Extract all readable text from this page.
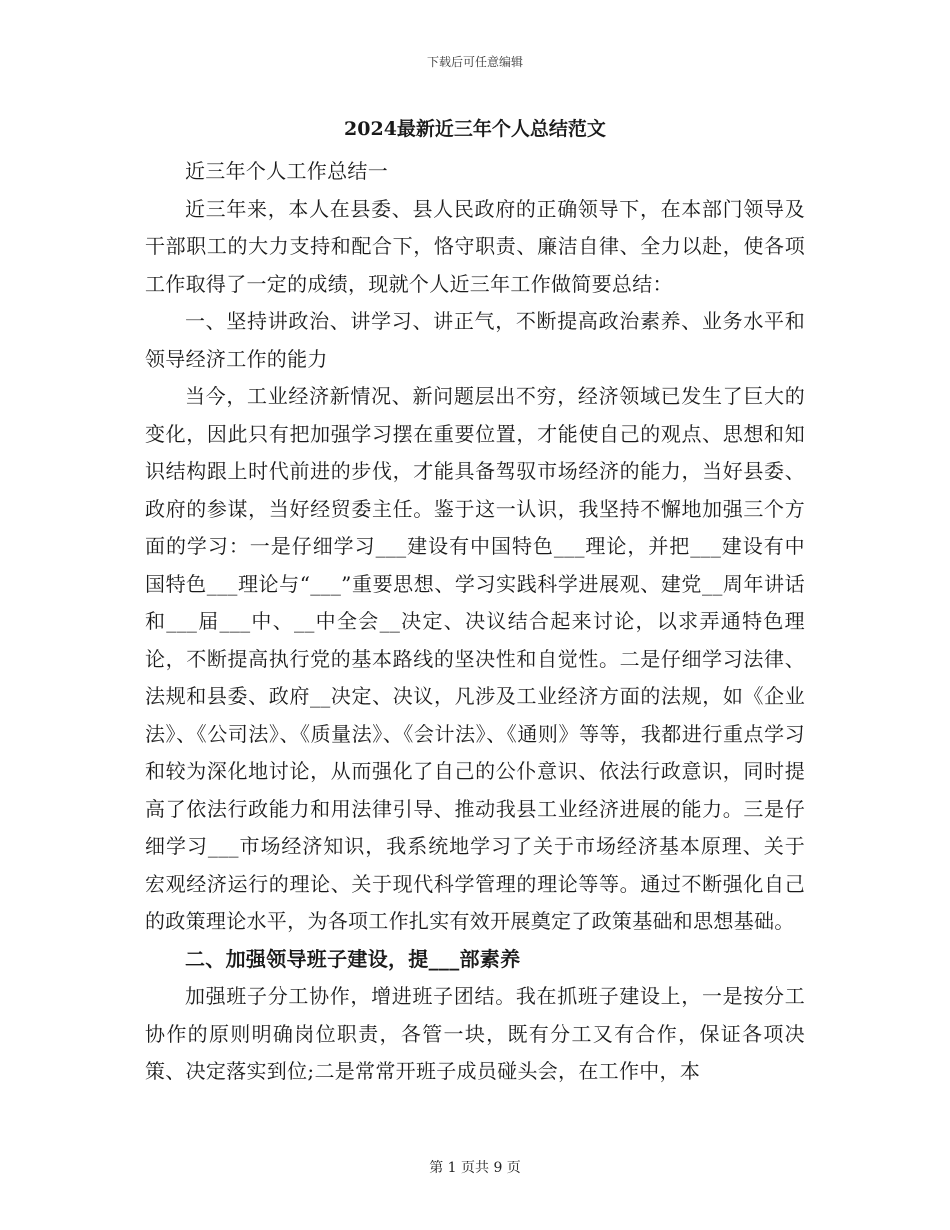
下载后可任意编辑
2024最新近三年个人总结范文

近三年个人工作总结一

近三年来，本人在县委、县人民政府的正确领导下，在本部门领导及干部职工的大力支持和配合下，恪守职责、廉洁自律、全力以赴，使各项工作取得了一定的成绩，现就个人近三年工作做简要总结：

一、坚持讲政治、讲学习、讲正气，不断提高政治素养、业务水平和领导经济工作的能力

当今，工业经济新情况、新问题层出不穷，经济领域已发生了巨大的变化，因此只有把加强学习摆在重要位置，才能使自己的观点、思想和知识结构跟上时代前进的步伐，才能具备驾驭市场经济的能力，当好县委、政府的参谋，当好经贸委主任。鉴于这一认识，我坚持不懈地加强三个方面的学习：一是仔细学习___建设有中国特色___理论，并把___建设有中国特色___理论与“___”重要思想、学习实践科学进展观、建党__周年讲话和___届___中、__中全会__决定、决议结合起来讨论，以求弄通特色理论，不断提高执行党的基本路线的坚决性和自觉性。二是仔细学习法律、法规和县委、政府__决定、决议，凡涉及工业经济方面的法规，如《企业法》、《公司法》、《质量法》、《会计法》、《通则》等等，我都进行重点学习和较为深化地讨论，从而强化了自己的公仆意识、依法行政意识，同时提高了依法行政能力和用法律引导、推动我县工业经济进展的能力。三是仔细学习___市场经济知识，我系统地学习了关于市场经济基本原理、关于宏观经济运行的理论、关于现代科学管理的理论等等。通过不断强化自己的政策理论水平，为各项工作扎实有效开展奠定了政策基础和思想基础。

二、加强领导班子建设，提___部素养

加强班子分工协作，增进班子团结。我在抓班子建设上，一是按分工协作的原则明确岗位职责，各管一块，既有分工又有合作，保证各项决策、决定落实到位;二是常常开班子成员碰头会，在工作中，本

第 1 页共 9 页
